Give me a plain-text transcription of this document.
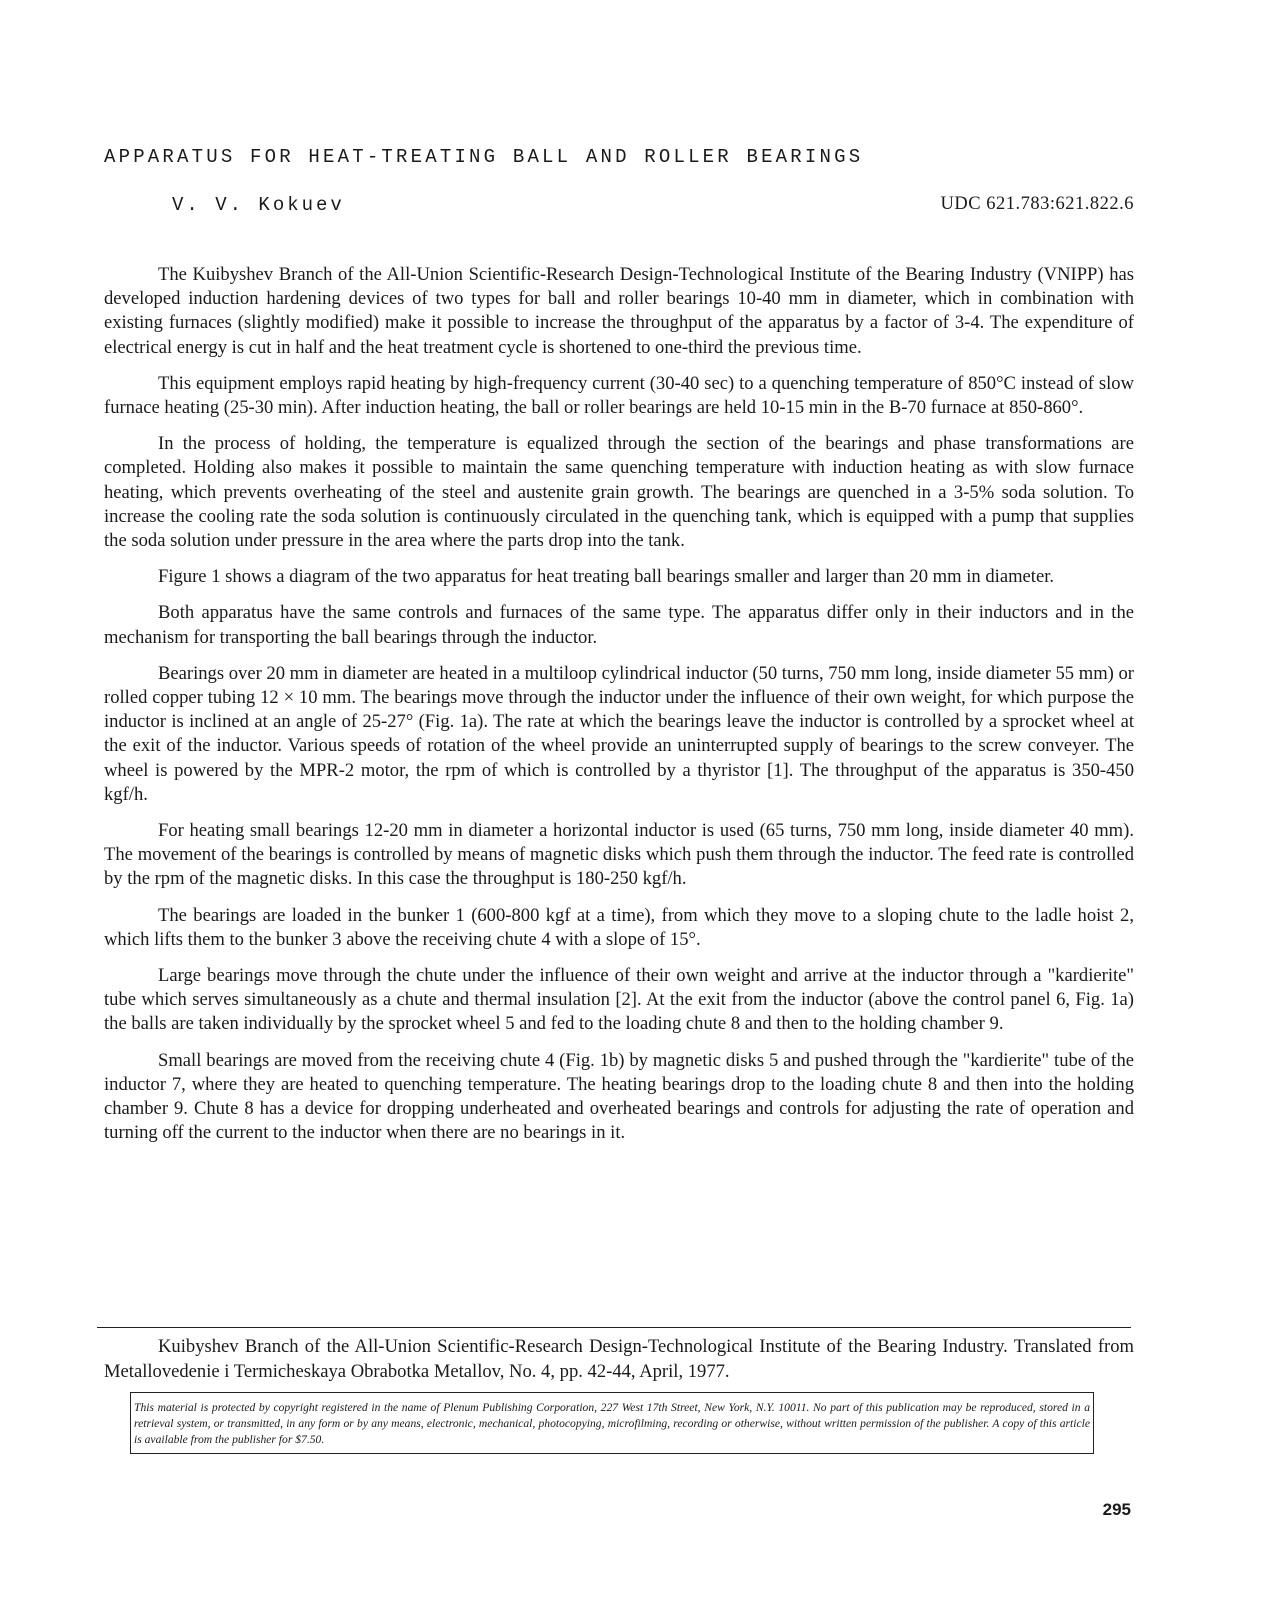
APPARATUS FOR HEAT-TREATING BALL AND ROLLER BEARINGS
V. V. Kokuev	UDC 621.783:621.822.6

The Kuibyshev Branch of the All-Union Scientific-Research Design-Technological Institute of the Bearing Industry (VNIPP) has developed induction hardening devices of two types for ball and roller bearings 10-40 mm in diameter, which in combination with existing furnaces (slightly modified) make it possible to increase the throughput of the apparatus by a factor of 3-4. The expenditure of electrical energy is cut in half and the heat treatment cycle is shortened to one-third the previous time.

This equipment employs rapid heating by high-frequency current (30-40 sec) to a quenching temperature of 850°C instead of slow furnace heating (25-30 min). After induction heating, the ball or roller bearings are held 10-15 min in the B-70 furnace at 850-860°.

In the process of holding, the temperature is equalized through the section of the bearings and phase transformations are completed. Holding also makes it possible to maintain the same quenching temperature with induction heating as with slow furnace heating, which prevents overheating of the steel and austenite grain growth. The bearings are quenched in a 3-5% soda solution. To increase the cooling rate the soda solution is continuously circulated in the quenching tank, which is equipped with a pump that supplies the soda solution under pressure in the area where the parts drop into the tank.

Figure 1 shows a diagram of the two apparatus for heat treating ball bearings smaller and larger than 20 mm in diameter.

Both apparatus have the same controls and furnaces of the same type. The apparatus differ only in their inductors and in the mechanism for transporting the ball bearings through the inductor.

Bearings over 20 mm in diameter are heated in a multiloop cylindrical inductor (50 turns, 750 mm long, inside diameter 55 mm) or rolled copper tubing 12 × 10 mm. The bearings move through the inductor under the influence of their own weight, for which purpose the inductor is inclined at an angle of 25-27° (Fig. 1a). The rate at which the bearings leave the inductor is controlled by a sprocket wheel at the exit of the inductor. Various speeds of rotation of the wheel provide an uninterrupted supply of bearings to the screw conveyer. The wheel is powered by the MPR-2 motor, the rpm of which is controlled by a thyristor [1]. The throughput of the apparatus is 350-450 kgf/h.

For heating small bearings 12-20 mm in diameter a horizontal inductor is used (65 turns, 750 mm long, inside diameter 40 mm). The movement of the bearings is controlled by means of magnetic disks which push them through the inductor. The feed rate is controlled by the rpm of the magnetic disks. In this case the throughput is 180-250 kgf/h.

The bearings are loaded in the bunker 1 (600-800 kgf at a time), from which they move to a sloping chute to the ladle hoist 2, which lifts them to the bunker 3 above the receiving chute 4 with a slope of 15°.

Large bearings move through the chute under the influence of their own weight and arrive at the inductor through a "kardierite" tube which serves simultaneously as a chute and thermal insulation [2]. At the exit from the inductor (above the control panel 6, Fig. 1a) the balls are taken individually by the sprocket wheel 5 and fed to the loading chute 8 and then to the holding chamber 9.

Small bearings are moved from the receiving chute 4 (Fig. 1b) by magnetic disks 5 and pushed through the "kardierite" tube of the inductor 7, where they are heated to quenching temperature. The heating bearings drop to the loading chute 8 and then into the holding chamber 9. Chute 8 has a device for dropping underheated and overheated bearings and controls for adjusting the rate of operation and turning off the current to the inductor when there are no bearings in it.

Kuibyshev Branch of the All-Union Scientific-Research Design-Technological Institute of the Bearing Industry. Translated from Metallovedenie i Termicheskaya Obrabotka Metallov, No. 4, pp. 42-44, April, 1977.
This material is protected by copyright registered in the name of Plenum Publishing Corporation, 227 West 17th Street, New York, N.Y. 10011. No part of this publication may be reproduced, stored in a retrieval system, or transmitted, in any form or by any means, electronic, mechanical, photocopying, microfilming, recording or otherwise, without written permission of the publisher. A copy of this article is available from the publisher for $7.50.
295
